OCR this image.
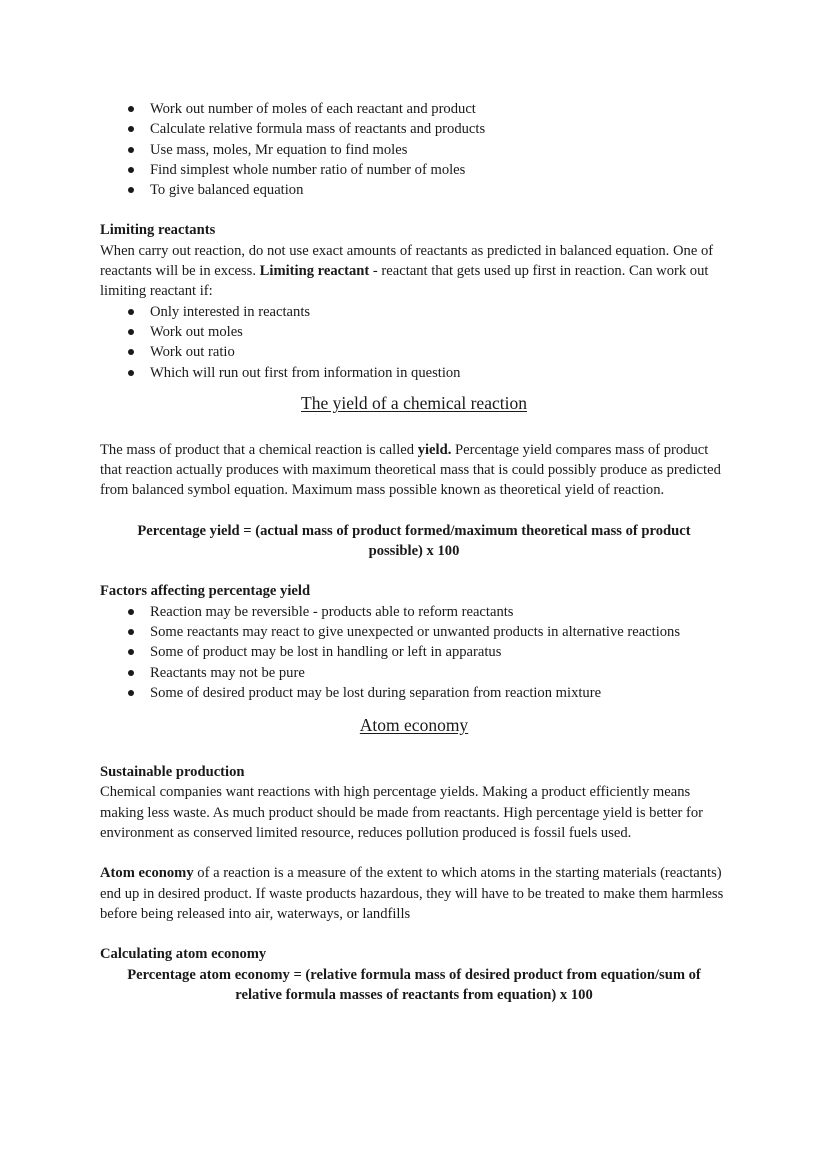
Work out number of moles of each reactant and product
Calculate relative formula mass of reactants and products
Use mass, moles, Mr equation to find moles
Find simplest whole number ratio of number of moles
To give balanced equation

Limiting reactants

When carry out reaction, do not use exact amounts of reactants as predicted in balanced equation. One of reactants will be in excess. Limiting reactant - reactant that gets used up first in reaction. Can work out limiting reactant if:

Only interested in reactants
Work out moles
Work out ratio
Which will run out first from information in question

The yield of a chemical reaction

The mass of product that a chemical reaction is called yield. Percentage yield compares mass of product that reaction actually produces with maximum theoretical mass that is could possibly produce as predicted from balanced symbol equation. Maximum mass possible known as theoretical yield of reaction.

Percentage yield = (actual mass of product formed/maximum theoretical mass of product possible) x 100

Factors affecting percentage yield

Reaction may be reversible - products able to reform reactants
Some reactants may react to give unexpected or unwanted products in alternative reactions
Some of product may be lost in handling or left in apparatus
Reactants may not be pure
Some of desired product may be lost during separation from reaction mixture

Atom economy

Sustainable production

Chemical companies want reactions with high percentage yields. Making a product efficiently means making less waste. As much product should be made from reactants. High percentage yield is better for environment as conserved limited resource, reduces pollution produced is fossil fuels used.

Atom economy of a reaction is a measure of the extent to which atoms in the starting materials (reactants) end up in desired product. If waste products hazardous, they will have to be treated to make them harmless before being released into air, waterways, or landfills

Calculating atom economy

Percentage atom economy = (relative formula mass of desired product from equation/sum of relative formula masses of reactants from equation) x 100
